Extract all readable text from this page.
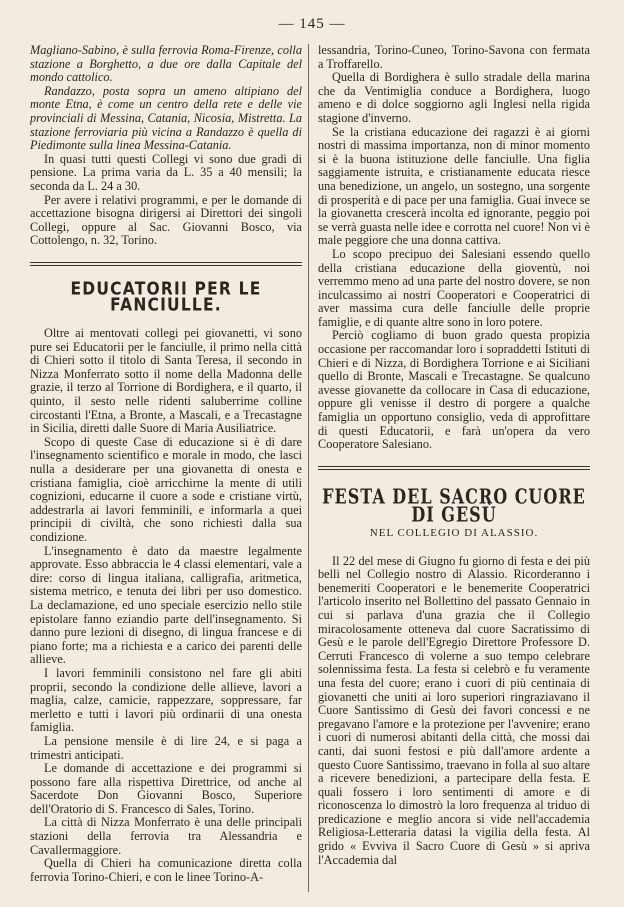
— 145 —

Magliano-Sabino, è sulla ferrovia Roma-Firenze, colla stazione a Borghetto, a due ore dalla Capitale del mondo cattolico.

Randazzo, posta sopra un ameno altipiano del monte Etna, è come un centro della rete e delle vie provinciali di Messina, Catania, Nicosia, Mistretta. La stazione ferroviaria più vicina a Randazzo è quella di Piedimonte sulla linea Messina-Catania.

In quasi tutti questi Collegi vi sono due gradi di pensione. La prima varia da L. 35 a 40 mensili; la seconda da L. 24 a 30.

Per avere i relativi programmi, e per le domande di accettazione bisogna dirigersi ai Direttori dei singoli Collegi, oppure al Sac. Giovanni Bosco, via Cottolengo, n. 32, Torino.

EDUCATORII PER LE FANCIULLE.

Oltre ai mentovati collegi pei giovanetti, vi sono pure sei Educatorii per le fanciulle, il primo nella città di Chieri sotto il titolo di Santa Teresa, il secondo in Nizza Monferrato sotto il nome della Madonna delle grazie, il terzo al Torrione di Bordighera, e il quarto, il quinto, il sesto nelle ridenti saluberrime colline circostanti l'Etna, a Bronte, a Mascali, e a Trecastagne in Sicilia, diretti dalle Suore di Maria Ausiliatrice.

Scopo di queste Case di educazione si è di dare l'insegnamento scientifico e morale in modo, che lasci nulla a desiderare per una giovanetta di onesta e cristiana famiglia, cioè arricchirne la mente di utili cognizioni, educarne il cuore a sode e cristiane virtù, addestrarla ai lavori femminili, e informarla a quei principii di civiltà, che sono richiesti dalla sua condizione.

L'insegnamento è dato da maestre legalmente approvate. Esso abbraccia le 4 classi elementari, vale a dire: corso di lingua italiana, calligrafia, aritmetica, sistema metrico, e tenuta dei libri per uso domestico. La declamazione, ed uno speciale esercizio nello stile epistolare fanno eziandio parte dell'insegnamento. Si danno pure lezioni di disegno, di lingua francese e di piano forte; ma a richiesta e a carico dei parenti delle allieve.

I lavori femminili consistono nel fare gli abiti proprii, secondo la condizione delle allieve, lavori a maglia, calze, camicie, rappezzare, soppressare, far merletto e tutti i lavori più ordinarii di una onesta famiglia.

La pensione mensile è di lire 24, e si paga a trimestri anticipati.

Le domande di accettazione e dei programmi si possono fare alla rispettiva Direttrice, od anche al Sacerdote Don Giovanni Bosco, Superiore dell'Oratorio di S. Francesco di Sales, Torino.

La città di Nizza Monferrato è una delle principali stazioni della ferrovia tra Alessandria e Cavallermaggiore.

Quella di Chieri ha comunicazione diretta colla ferrovia Torino-Chieri, e con le linee Torino-A-

lessandria, Torino-Cuneo, Torino-Savona con fermata a Troffarello.

Quella di Bordighera è sullo stradale della marina che da Ventimiglia conduce a Bordighera, luogo ameno e di dolce soggiorno agli Inglesi nella rigida stagione d'inverno.

Se la cristiana educazione dei ragazzi è ai giorni nostri di massima importanza, non di minor momento si è la buona istituzione delle fanciulle. Una figlia saggiamente istruita, e cristianamente educata riesce una benedizione, un angelo, un sostegno, una sorgente di prosperità e di pace per una famiglia. Guai invece se la giovanetta crescerà incolta ed ignorante, peggio poi se verrà guasta nelle idee e corrotta nel cuore! Non vi è male peggiore che una donna cattiva.

Lo scopo precipuo dei Salesiani essendo quello della cristiana educazione della gioventù, noi verremmo meno ad una parte del nostro dovere, se non inculcassimo ai nostri Cooperatori e Cooperatrici di aver massima cura delle fanciulle delle proprie famiglie, e di quante altre sono in loro potere.

Perciò cogliamo di buon grado questa propizia occasione per raccomandar loro i sopraddetti Istituti di Chieri e di Nizza, di Bordighera Torrione e ai Siciliani quello di Bronte, Mascali e Trecastagne. Se qualcuno avesse giovanette da collocare in Casa di educazione, oppure gli venisse il destro di porgere a qualche famiglia un opportuno consiglio, veda di approfittare di questi Educatorii, e farà un'opera da vero Cooperatore Salesiano.

FESTA DEL SACRO CUORE DI GESÙ
NEL COLLEGIO DI ALASSIO.

Il 22 del mese di Giugno fu giorno di festa e dei più belli nel Collegio nostro di Alassio. Ricorderanno i benemeriti Cooperatori e le benemerite Cooperatrici l'articolo inserito nel Bollettino del passato Gennaio in cui si parlava d'una grazia che il Collegio miracolosamente otteneva dal cuore Sacratissimo di Gesù e le parole dell'Egregio Direttore Professore D. Cerruti Francesco di volerne a suo tempo celebrare solennissima festa. La festa si celebrò e fu veramente una festa del cuore; erano i cuori di più centinaia di giovanetti che uniti ai loro superiori ringraziavano il Cuore Santissimo di Gesù dei favori concessi e ne pregavano l'amore e la protezione per l'avvenire; erano i cuori di numerosi abitanti della città, che mossi dai canti, dai suoni festosi e più dall'amore ardente a questo Cuore Santissimo, traevano in folla al suo altare a ricevere benedizioni, a partecipare della festa. E quali fossero i loro sentimenti di amore e di riconoscenza lo dimostrò la loro frequenza al triduo di predicazione e meglio ancora si vide nell'accademia Religiosa-Letteraria datasi la vigilia della festa. Al grido « Evviva il Sacro Cuore di Gesù » si apriva l'Accademia dal
